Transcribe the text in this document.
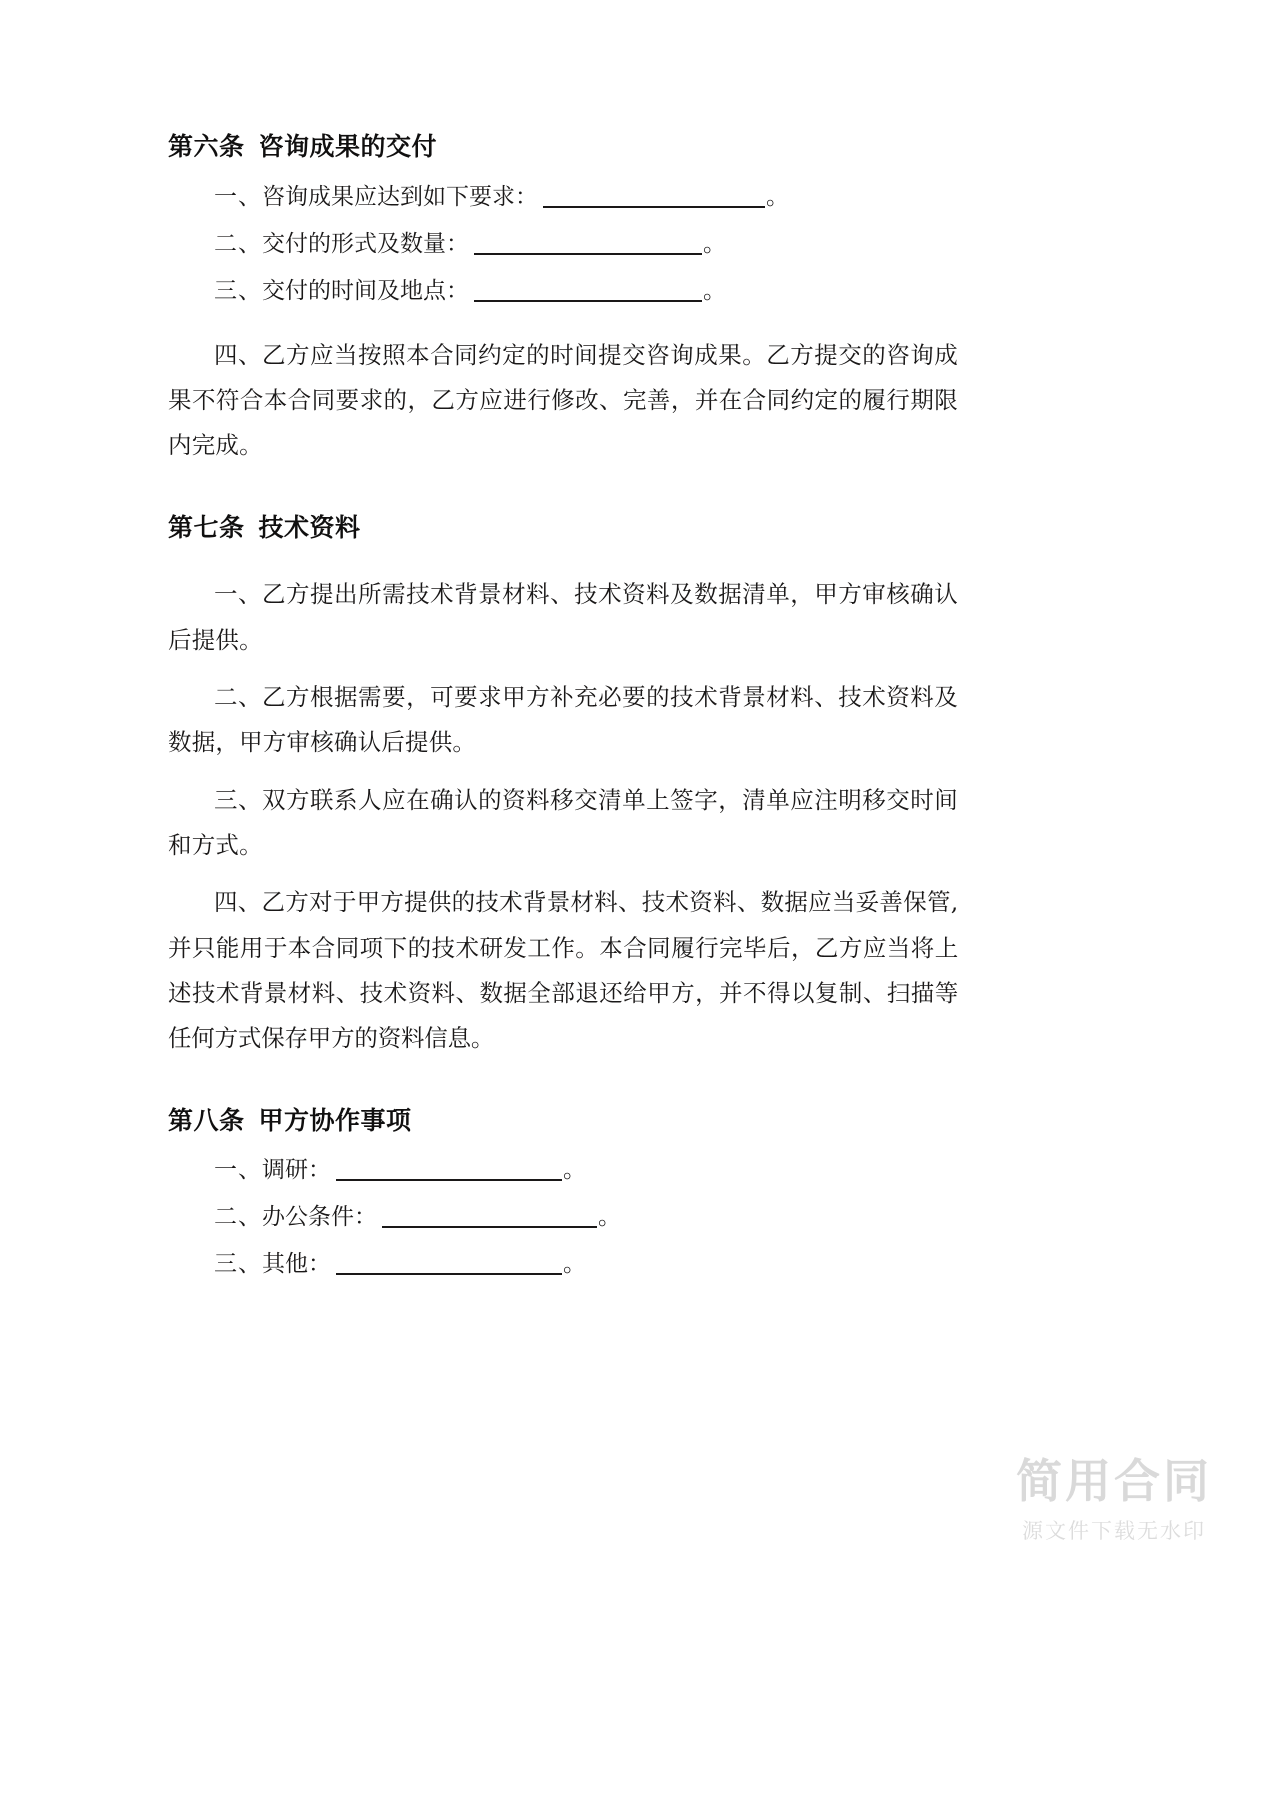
第六条 咨询成果的交付
一、咨询成果应达到如下要求：	。
二、交付的形式及数量：	。
三、交付的时间及地点：	。

四、乙方应当按照本合同约定的时间提交咨询成果。乙方提交的咨询成果不符合本合同要求的，乙方应进行修改、完善，并在合同约定的履行期限内完成。

第七条 技术资料

一、乙方提出所需技术背景材料、技术资料及数据清单，甲方审核确认后提供。

二、乙方根据需要，可要求甲方补充必要的技术背景材料、技术资料及数据，甲方审核确认后提供。

三、双方联系人应在确认的资料移交清单上签字，清单应注明移交时间和方式。

四、乙方对于甲方提供的技术背景材料、技术资料、数据应当妥善保管,并只能用于本合同项下的技术研发工作。本合同履行完毕后，乙方应当将上述技术背景材料、技术资料、数据全部退还给甲方，并不得以复制、扫描等任何方式保存甲方的资料信息。

第八条 甲方协作事项
一、调研：	。
二、办公条件：	。
三、其他：	。
简用合同
源文件下载无水印
